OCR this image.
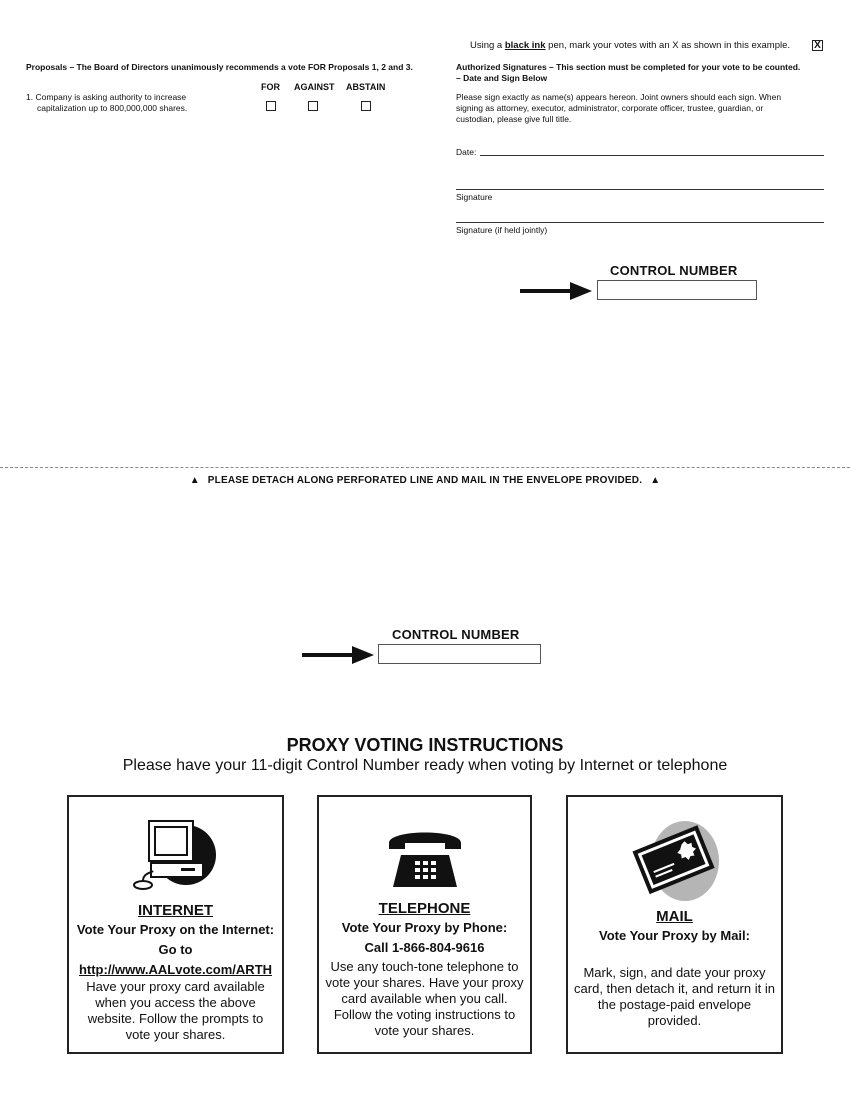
Using a black ink pen, mark your votes with an X as shown in this example. X
Proposals – The Board of Directors unanimously recommends a vote FOR Proposals 1, 2 and 3.
FOR AGAINST ABSTAIN
1. Company is asking authority to increase
capitalization up to 800,000,000 shares.
Authorized Signatures – This section must be completed for your vote to be counted.
– Date and Sign Below
Please sign exactly as name(s) appears hereon. Joint owners should each sign. When
signing as attorney, executor, administrator, corporate officer, trustee, guardian, or
custodian, please give full title.
Date:
Signature
Signature (if held jointly)
CONTROL NUMBER
▲ PLEASE DETACH ALONG PERFORATED LINE AND MAIL IN THE ENVELOPE PROVIDED. ▲
CONTROL NUMBER
PROXY VOTING INSTRUCTIONS
Please have your 11-digit Control Number ready when voting by Internet or telephone
INTERNET
Vote Your Proxy on the Internet:
Go to
http://www.AALvote.com/ARTH
Have your proxy card available when you access the above website. Follow the prompts to vote your shares.
TELEPHONE
Vote Your Proxy by Phone:
Call 1-866-804-9616
Use any touch-tone telephone to vote your shares. Have your proxy card available when you call. Follow the voting instructions to vote your shares.
MAIL
Vote Your Proxy by Mail:
Mark, sign, and date your proxy card, then detach it, and return it in the postage-paid envelope provided.
